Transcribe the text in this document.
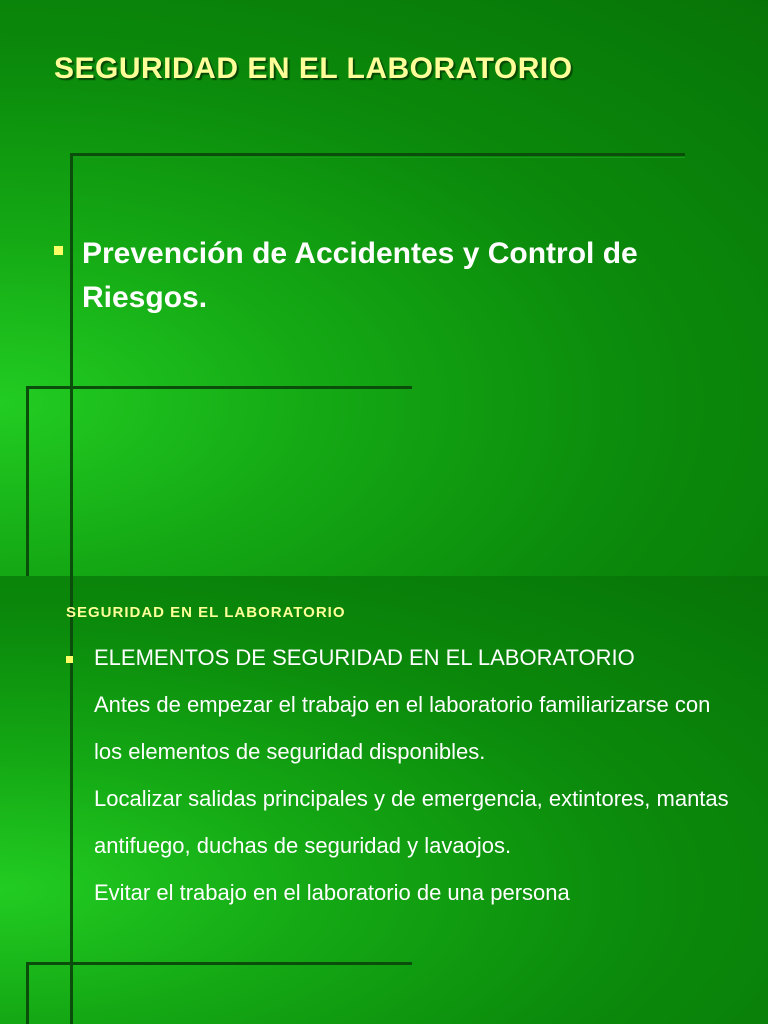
SEGURIDAD EN EL LABORATORIO
Prevención de Accidentes y Control de Riesgos.
SEGURIDAD EN EL LABORATORIO

ELEMENTOS DE SEGURIDAD EN EL LABORATORIO

Antes de empezar el trabajo en el laboratorio familiarizarse con los elementos de seguridad disponibles.

Localizar salidas principales y de emergencia, extintores, mantas antifuego, duchas de seguridad y lavaojos.

Evitar el trabajo en el laboratorio de una persona
